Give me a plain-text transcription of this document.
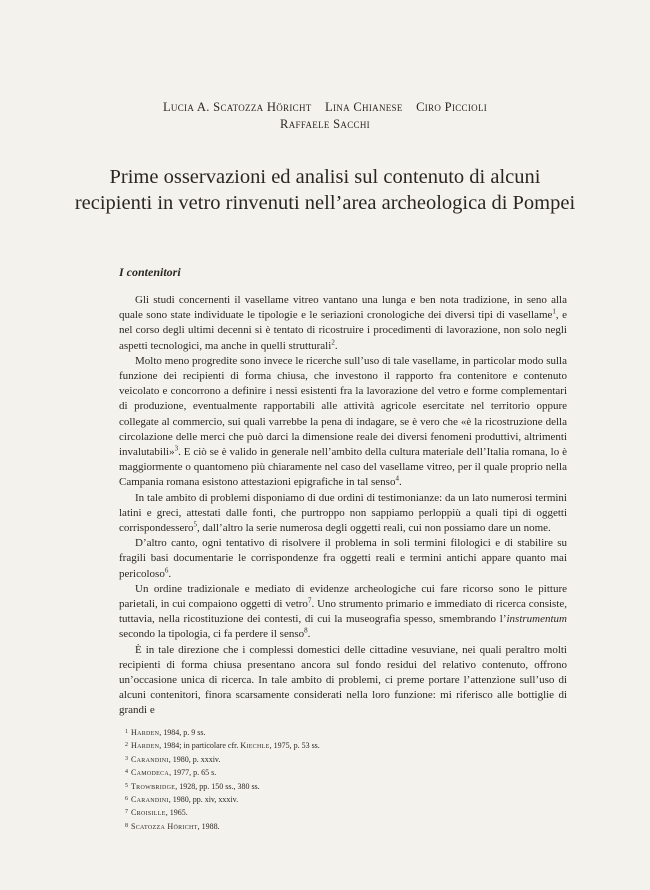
Lucia A. Scatozza Höricht Lina Chianese Ciro Piccioli
Raffaele Sacchi
Prime osservazioni ed analisi sul contenuto di alcuni
recipienti in vetro rinvenuti nell’area archeologica di Pompei
I contenitori

Gli studi concernenti il vasellame vitreo vantano una lunga e ben nota tradizione, in seno alla quale sono state individuate le tipologie e le seriazioni cronologiche dei diversi tipi di vasellame$^1$, e nel corso degli ultimi decenni si è tentato di ricostruire i procedimenti di lavorazione, non solo negli aspetti tecnologici, ma anche in quelli strutturali$^2$.

Molto meno progredite sono invece le ricerche sull’uso di tale vasellame, in particolar modo sulla funzione dei recipienti di forma chiusa, che investono il rapporto fra contenitore e contenuto veicolato e concorrono a definire i nessi esistenti fra la lavorazione del vetro e forme complementari di produzione, eventualmente rapportabili alle attività agricole esercitate nel territorio oppure collegate al commercio, sui quali varrebbe la pena di indagare, se è vero che «è la ricostruzione della circolazione delle merci che può darci la dimensione reale dei diversi fenomeni produttivi, altrimenti invalutabili»$^3$. E ciò se è valido in generale nell’ambito della cultura materiale dell’Italia romana, lo è maggiormente o quantomeno più chiaramente nel caso del vasellame vitreo, per il quale proprio nella Campania romana esistono attestazioni epigrafiche in tal senso$^4$.

In tale ambito di problemi disponiamo di due ordini di testimonianze: da un lato numerosi termini latini e greci, attestati dalle fonti, che purtroppo non sappiamo perloppiù a quali tipi di oggetti corrispondessero$^5$, dall’altro la serie numerosa degli oggetti reali, cui non possiamo dare un nome.

D’altro canto, ogni tentativo di risolvere il problema in soli termini filologici e di stabilire su fragili basi documentarie le corrispondenze fra oggetti reali e termini antichi appare quanto mai pericoloso$^6$.

Un ordine tradizionale e mediato di evidenze archeologiche cui fare ricorso sono le pitture parietali, in cui compaiono oggetti di vetro$^7$. Uno strumento primario e immediato di ricerca consiste, tuttavia, nella ricostituzione dei contesti, di cui la museografia spesso, smembrando l’instrumentum secondo la tipologia, ci fa perdere il senso$^8$.

È in tale direzione che i complessi domestici delle cittadine vesuviane, nei quali peraltro molti recipienti di forma chiusa presentano ancora sul fondo residui del relativo contenuto, offrono un’occasione unica di ricerca. In tale ambito di problemi, ci preme portare l’attenzione sull’uso di alcuni contenitori, finora scarsamente considerati nella loro funzione: mi riferisco alle bottiglie di grandi e

1 Harden, 1984, p. 9 ss.
2 Harden, 1984; in particolare cfr. Kiechle, 1975, p. 53 ss.
3 Carandini, 1980, p. xxxiv.
4 Camodeca, 1977, p. 65 s.
5 Trowbridge, 1928, pp. 150 ss., 380 ss.
6 Carandini, 1980, pp. xiv, xxxiv.
7 Croisille, 1965.
8 Scatozza Höricht, 1988.
